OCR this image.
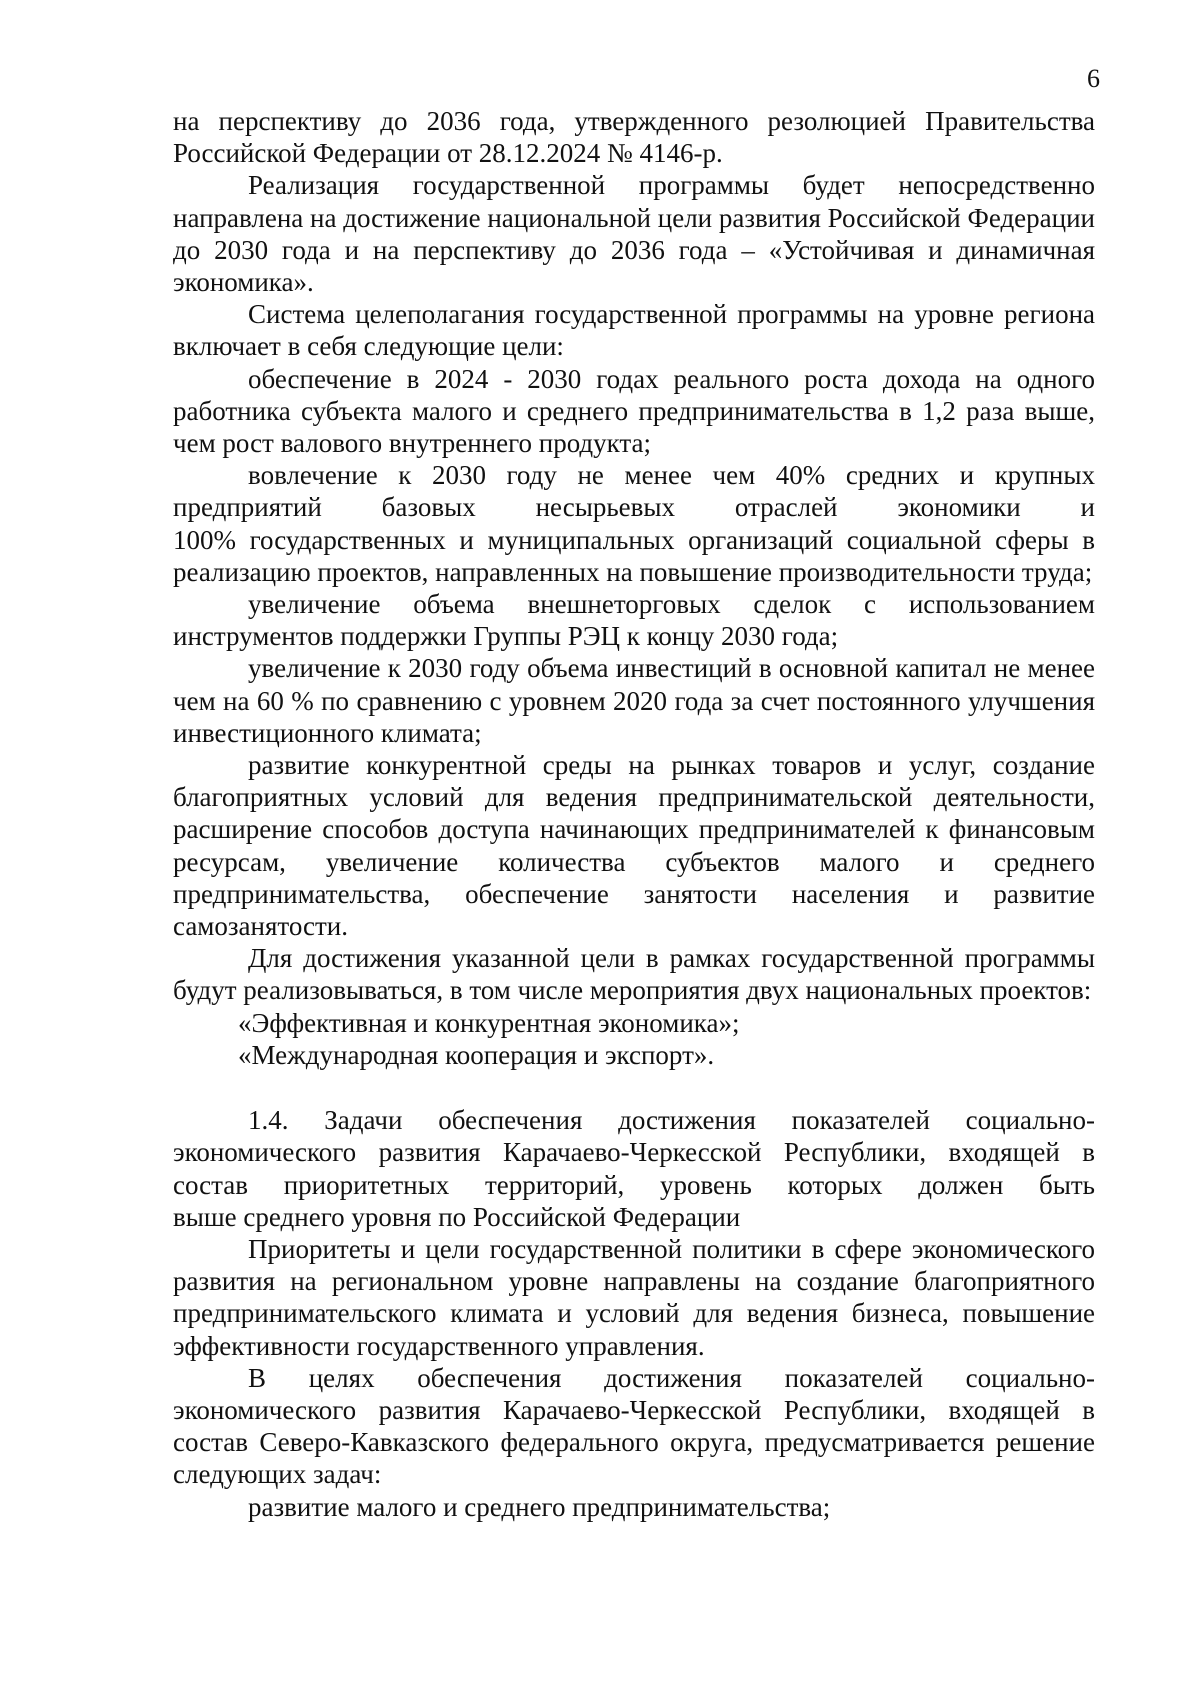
6

на перспективу до 2036 года, утвержденного резолюцией Правительства Российской Федерации от 28.12.2024 № 4146-р.

Реализация государственной программы будет непосредственно направлена на достижение национальной цели развития Российской Федерации до 2030 года и на перспективу до 2036 года – «Устойчивая и динамичная экономика».

Система целеполагания государственной программы на уровне региона включает в себя следующие цели:

обеспечение в 2024 - 2030 годах реального роста дохода на одного работника субъекта малого и среднего предпринимательства в 1,2 раза выше, чем рост валового внутреннего продукта;

вовлечение к 2030 году не менее чем 40% средних и крупных предприятий базовых несырьевых отраслей экономики и

100% государственных и муниципальных организаций социальной сферы в реализацию проектов, направленных на повышение производительности труда;

увеличение объема внешнеторговых сделок с использованием инструментов поддержки Группы РЭЦ к концу 2030 года;

увеличение к 2030 году объема инвестиций в основной капитал не менее чем на 60 % по сравнению с уровнем 2020 года за счет постоянного улучшения инвестиционного климата;

развитие конкурентной среды на рынках товаров и услуг, создание благоприятных условий для ведения предпринимательской деятельности, расширение способов доступа начинающих предпринимателей к финансовым ресурсам, увеличение количества субъектов малого и среднего предпринимательства, обеспечение занятости населения и развитие самозанятости.

Для достижения указанной цели в рамках государственной программы будут реализовываться, в том числе мероприятия двух национальных проектов:

«Эффективная и конкурентная экономика»;

«Международная кооперация и экспорт».

1.4. Задачи обеспечения достижения показателей социально-экономического развития Карачаево-Черкесской Республики, входящей в состав приоритетных территорий, уровень которых должен быть

выше среднего уровня по Российской Федерации

Приоритеты и цели государственной политики в сфере экономического развития на региональном уровне направлены на создание благоприятного предпринимательского климата и условий для ведения бизнеса, повышение эффективности государственного управления.

В целях обеспечения достижения показателей социально-экономического развития Карачаево-Черкесской Республики, входящей в состав Северо-Кавказского федерального округа, предусматривается решение следующих задач:

развитие малого и среднего предпринимательства;
